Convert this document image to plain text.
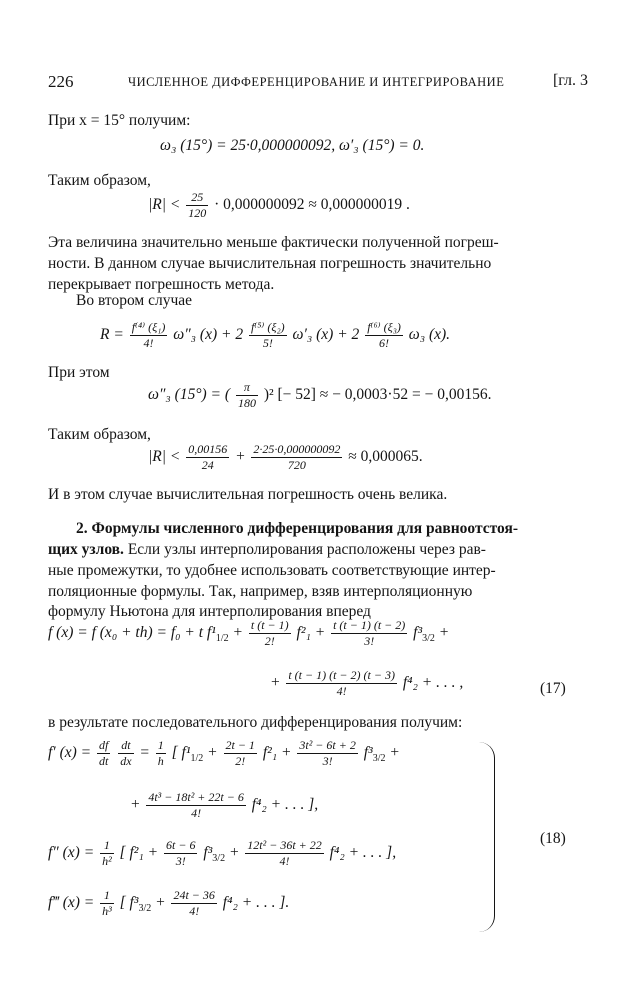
226	ЧИСЛЕННОЕ ДИФФЕРЕНЦИРОВАНИЕ И ИНТЕГРИРОВАНИЕ	[гл. 3
При x = 15° получим:
ω₃ (15°) = 25·0,000000092, ω′₃ (15°) = 0.
Таким образом,
$|R| < \frac{25}{120} \cdot 0,000000092 \approx 0,000000019$ .
Эта величина значительно меньше фактически полученной погреш-
ности. В данном случае вычислительная погрешность значительно
перекрывает погрешность метода.
Во втором случае
$R = \frac{\text{f⁽⁴⁾ (ξ₁)}}{4!} \omega''_3$ $(x) + 2 \frac{\text{f⁽⁵⁾ (ξ₂)}}{5!} \omega'_3$ $(x) + 2 \frac{\text{f⁽⁶⁾ (ξ₃)}}{6!} \omega_3$ (x).
При этом
ω″₃ (15°) = ( $\frac{\pi}{180} )^2$ [− 52] ≈ − 0,0003·52 = − 0,00156.
Таким образом,
$|R| < \frac{0,00156}{24} + \frac{2\cdot 25\cdot 0,000000092}{720} \approx 0,000065$.
И в этом случае вычислительная погрешность очень велика.
2. Формулы численного дифференцирования для равноотстоя-
щих узлов. Если узлы интерполирования расположены через рав-
ные промежутки, то удобнее использовать соответствующие интер-
поляционные формулы. Так, например, взяв интерполяционную
формулу Ньютона для интерполирования вперед
f (x) = f (x₀ + th) = f₀ + t $f^1_{1/2} + \frac{t (t - 1)}{2!} f^2_1 + \frac{t (t - 1) (t - 2)}{3!} f^3_{3/2}$ +
+ $\frac{t (t - 1) (t - 2) (t - 3)}{4!} f^4_2$ + . . . ,	(17)
в результате последовательного дифференцирования получим:
f′ $(x) = \frac{df}{dt}$
$\frac{dt}{dx} = \frac{1}{h}$ [ $f^1_{1/2} + \frac{2t - 1}{2!} f^2_1 + \frac{\text{3t² − 6t + 2}}{3!} f^3_{3/2}$ +
+ $\frac{\text{4t³ − 18t² + 22t − 6}}{4!} f^4_2$ + . . . ],
f″ $(x) = \frac{1}{\text{h²}}$ [ $f^2_1 + \frac{6t - 6}{3!} f^3_{3/2} + \frac{\text{12t² − 36t + 22}}{4!} f^4_2$ + . . . ],
f‴ $(x) = \frac{1}{\text{h³}}$ [ $f^3_{3/2} + \frac{24t - 36}{4!} f^4_2$ + . . . ].
(18)
